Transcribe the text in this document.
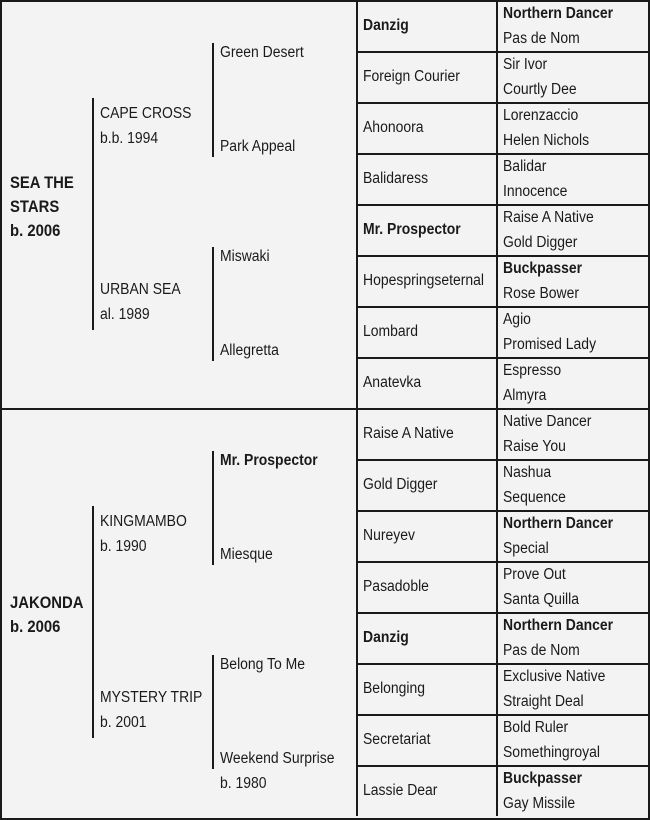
SEA THE
STARS
b. 2006
CAPE CROSS
b.b. 1994
URBAN SEA
al. 1989
Green Desert
Park Appeal
Miswaki
Allegretta
Danzig
Foreign Courier
Ahonoora
Balidaress
Mr. Prospector
Hopespringseternal
Lombard
Anatevka
Northern Dancer
Pas de Nom
Sir Ivor
Courtly Dee
Lorenzaccio
Helen Nichols
Balidar
Innocence
Raise A Native
Gold Digger
Buckpasser
Rose Bower
Agio
Promised Lady
Espresso
Almyra
JAKONDA
b. 2006
KINGMAMBO
b. 1990
MYSTERY TRIP
b. 2001
Mr. Prospector
Miesque
Belong To Me
Weekend Surprise
b. 1980
Raise A Native
Gold Digger
Nureyev
Pasadoble
Danzig
Belonging
Secretariat
Lassie Dear
Native Dancer
Raise You
Nashua
Sequence
Northern Dancer
Special
Prove Out
Santa Quilla
Northern Dancer
Pas de Nom
Exclusive Native
Straight Deal
Bold Ruler
Somethingroyal
Buckpasser
Gay Missile
